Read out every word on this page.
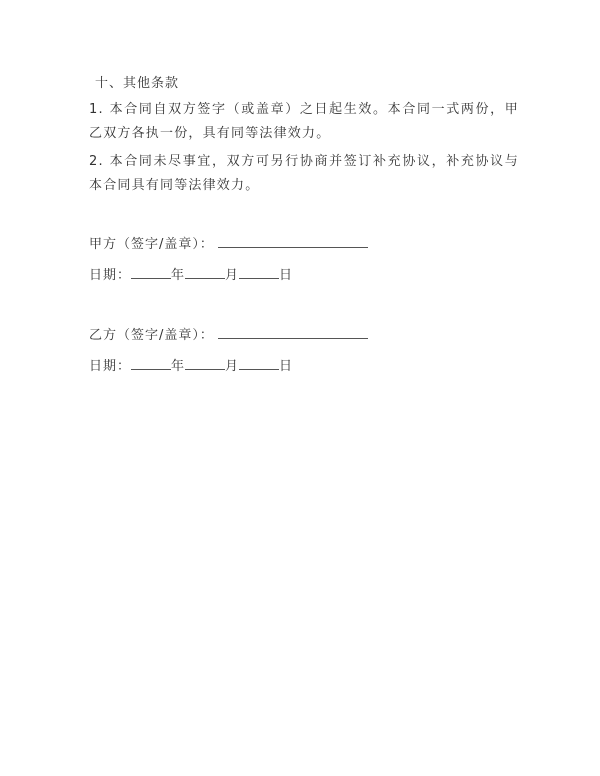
十、其他条款
1. 本合同自双方签字（或盖章）之日起生效。本合同一式两份，甲乙双方各执一份，具有同等法律效力。
2. 本合同未尽事宜，双方可另行协商并签订补充协议，补充协议与本合同具有同等法律效力。
甲方（签字/盖章）：
日期：	年	月	日
乙方（签字/盖章）：
日期：	年	月	日
